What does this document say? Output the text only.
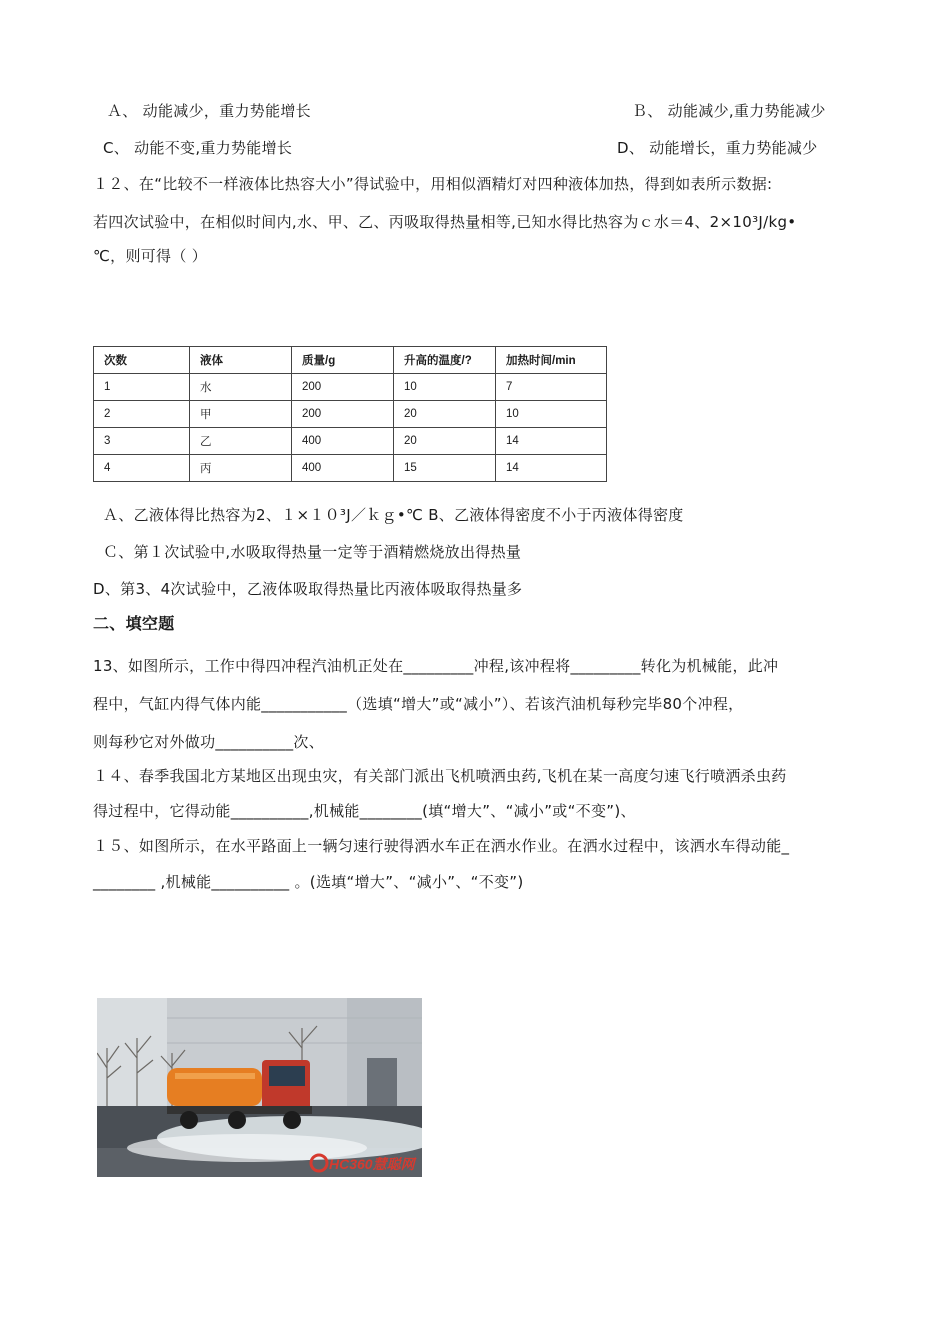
Ａ、 动能减少，重力势能增长	Ｂ、 动能减少,重力势能减少
C、 动能不变,重力势能增长	D、 动能增长，重力势能减少
１２、在“比较不一样液体比热容大小”得试验中，用相似酒精灯对四种液体加热，得到如表所示数据:
若四次试验中，在相似时间内,水、甲、乙、丙吸取得热量相等,已知水得比热容为ｃ水＝4、2×10³J/kg•
℃，则可得（ ）
次数	液体	质量/g	升高的温度/?	加热时间/min
1	水	200	10	7
2	甲	200	20	10
3	乙	400	20	14
4	丙	400	15	14
Ａ、乙液体得比热容为2、１×１０³J／ｋｇ•℃ B、乙液体得密度不小于丙液体得密度
Ｃ、第１次试验中,水吸取得热量一定等于酒精燃烧放出得热量
D、第3、4次试验中，乙液体吸取得热量比丙液体吸取得热量多
二、填空题
13、如图所示，工作中得四冲程汽油机正处在_________冲程,该冲程将_________转化为机械能，此冲
程中，气缸内得气体内能___________（选填“增大”或“减小”）、若该汽油机每秒完毕80个冲程，
则每秒它对外做功__________次、
１４、春季我国北方某地区出现虫灾，有关部门派出飞机喷洒虫药,飞机在某一高度匀速飞行喷洒杀虫药
得过程中，它得动能__________,机械能________(填“增大”、“减小”或“不变”)、
１５、如图所示，在水平路面上一辆匀速行驶得洒水车正在洒水作业。在洒水过程中，该洒水车得动能_
________ ,机械能__________ 。(选填“增大”、“减小”、“不变”)
HC360慧聪网
